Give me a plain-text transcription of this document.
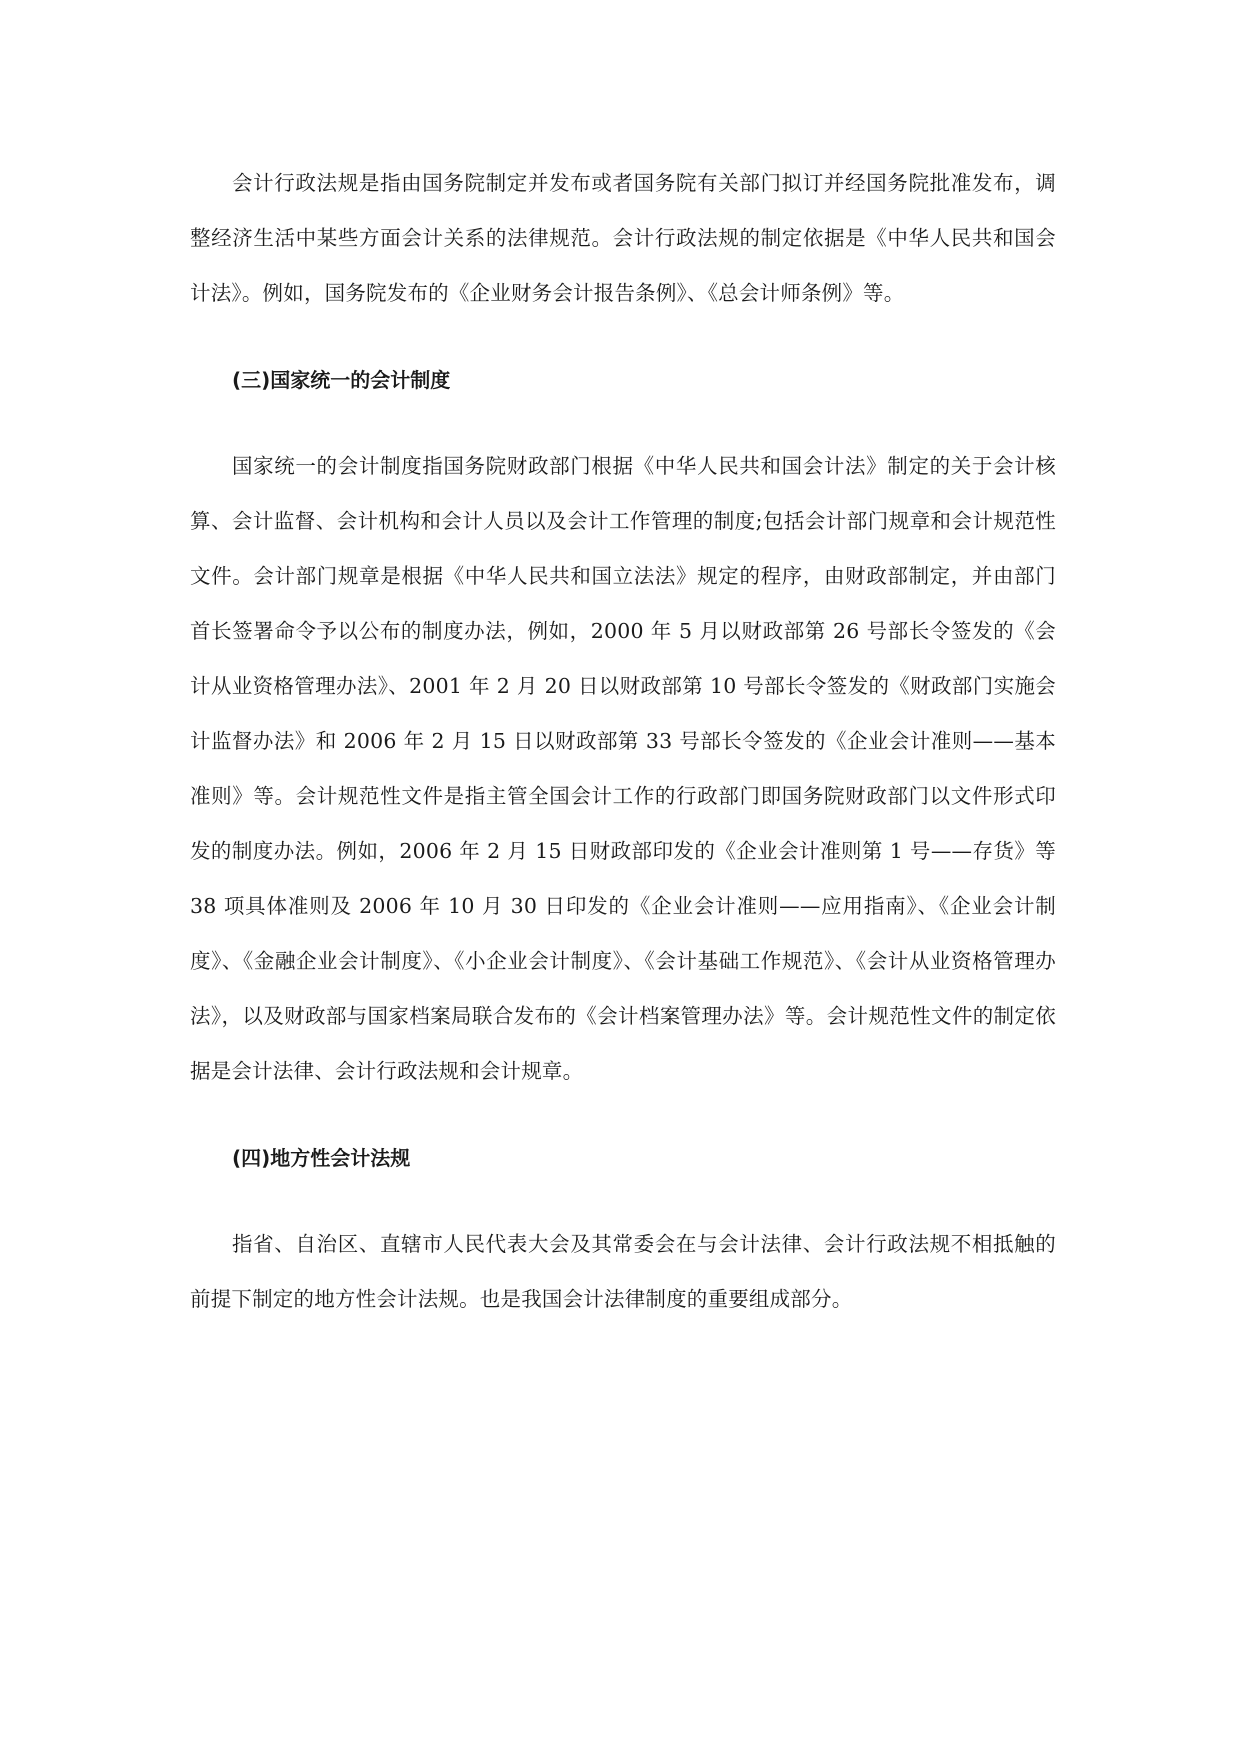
会计行政法规是指由国务院制定并发布或者国务院有关部门拟订并经国务院批准发布，调整经济生活中某些方面会计关系的法律规范。会计行政法规的制定依据是《中华人民共和国会计法》。例如，国务院发布的《企业财务会计报告条例》、《总会计师条例》等。

(三)国家统一的会计制度

国家统一的会计制度指国务院财政部门根据《中华人民共和国会计法》制定的关于会计核算、会计监督、会计机构和会计人员以及会计工作管理的制度;包括会计部门规章和会计规范性文件。会计部门规章是根据《中华人民共和国立法法》规定的程序，由财政部制定，并由部门首长签署命令予以公布的制度办法，例如，2000 年 5 月以财政部第 26 号部长令签发的《会计从业资格管理办法》、2001 年 2 月 20 日以财政部第 10 号部长令签发的《财政部门实施会计监督办法》和 2006 年 2 月 15 日以财政部第 33 号部长令签发的《企业会计准则——基本准则》等。会计规范性文件是指主管全国会计工作的行政部门即国务院财政部门以文件形式印发的制度办法。例如，2006 年 2 月 15 日财政部印发的《企业会计准则第 1 号——存货》等 38 项具体准则及 2006 年 10 月 30 日印发的《企业会计准则——应用指南》、《企业会计制度》、《金融企业会计制度》、《小企业会计制度》、《会计基础工作规范》、《会计从业资格管理办法》，以及财政部与国家档案局联合发布的《会计档案管理办法》等。会计规范性文件的制定依据是会计法律、会计行政法规和会计规章。

(四)地方性会计法规

指省、自治区、直辖市人民代表大会及其常委会在与会计法律、会计行政法规不相抵触的前提下制定的地方性会计法规。也是我国会计法律制度的重要组成部分。
